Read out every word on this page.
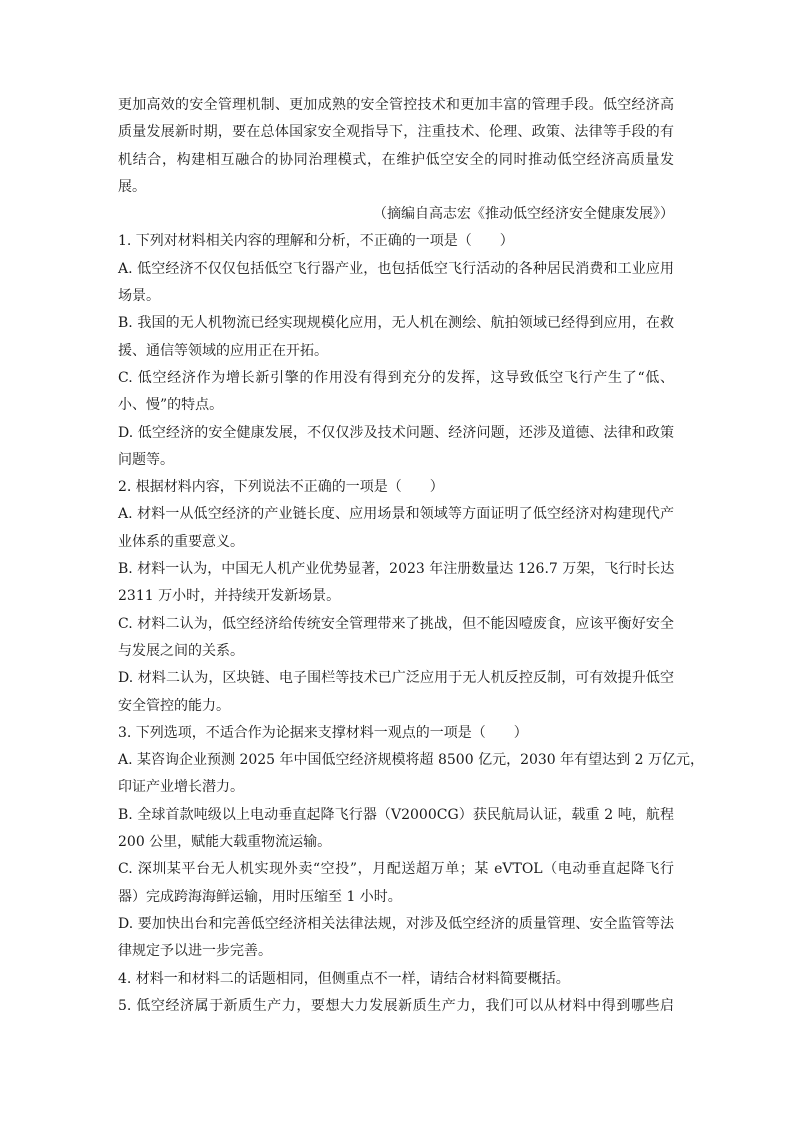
更加高效的安全管理机制、更加成熟的安全管控技术和更加丰富的管理手段。低空经济高
质量发展新时期，要在总体国家安全观指导下，注重技术、伦理、政策、法律等手段的有
机结合，构建相互融合的协同治理模式，在维护低空安全的同时推动低空经济高质量发
展。
（摘编自高志宏《推动低空经济安全健康发展》）
1. 下列对材料相关内容的理解和分析，不正确的一项是（　　）
A. 低空经济不仅仅包括低空飞行器产业，也包括低空飞行活动的各种居民消费和工业应用
场景。
B. 我国的无人机物流已经实现规模化应用，无人机在测绘、航拍领域已经得到应用，在救
援、通信等领域的应用正在开拓。
C. 低空经济作为增长新引擎的作用没有得到充分的发挥，这导致低空飞行产生了“低、
小、慢”的特点。
D. 低空经济的安全健康发展，不仅仅涉及技术问题、经济问题，还涉及道德、法律和政策
问题等。
2. 根据材料内容，下列说法不正确的一项是（　　）
A. 材料一从低空经济的产业链长度、应用场景和领域等方面证明了低空经济对构建现代产
业体系的重要意义。
B. 材料一认为，中国无人机产业优势显著，2023 年注册数量达 126.7 万架，飞行时长达
2311 万小时，并持续开发新场景。
C. 材料二认为，低空经济给传统安全管理带来了挑战，但不能因噎废食，应该平衡好安全
与发展之间的关系。
D. 材料二认为，区块链、电子围栏等技术已广泛应用于无人机反控反制，可有效提升低空
安全管控的能力。
3. 下列选项，不适合作为论据来支撑材料一观点的一项是（　　）
A. 某咨询企业预测 2025 年中国低空经济规模将超 8500 亿元，2030 年有望达到 2 万亿元，
印证产业增长潜力。
B. 全球首款吨级以上电动垂直起降飞行器（V2000CG）获民航局认证，载重 2 吨，航程
200 公里，赋能大载重物流运输。
C. 深圳某平台无人机实现外卖“空投”，月配送超万单；某 eVTOL（电动垂直起降飞行
器）完成跨海海鲜运输，用时压缩至 1 小时。
D. 要加快出台和完善低空经济相关法律法规，对涉及低空经济的质量管理、安全监管等法
律规定予以进一步完善。
4. 材料一和材料二的话题相同，但侧重点不一样，请结合材料简要概括。
5. 低空经济属于新质生产力，要想大力发展新质生产力，我们可以从材料中得到哪些启
